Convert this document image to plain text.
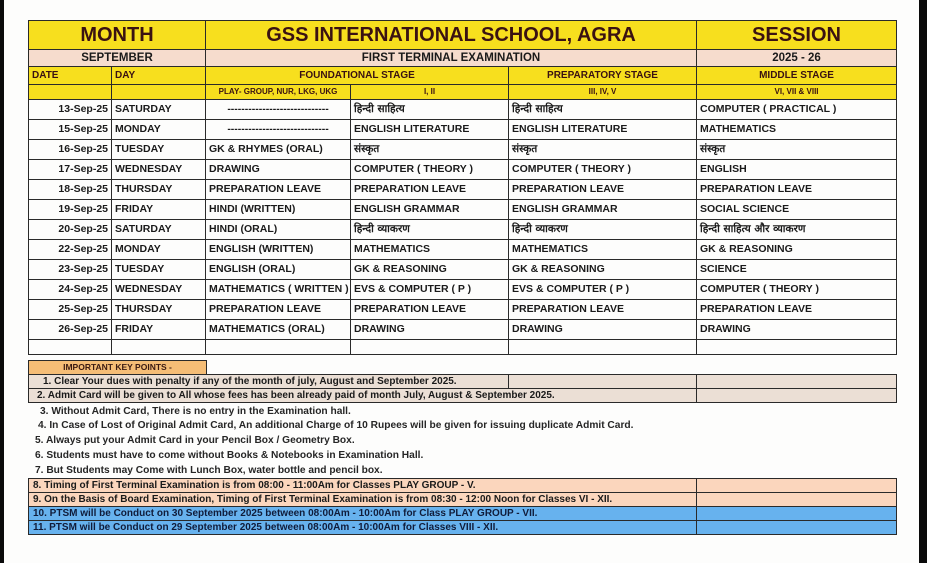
MONTH		GSS INTERNATIONAL SCHOOL, AGRA			SESSION
SEPTEMBER		FIRST TERMINAL EXAMINATION			2025 - 26
DATE	DAY	FOUNDATIONAL STAGE		PREPARATORY STAGE	MIDDLE STAGE
		PLAY- GROUP, NUR, LKG, UKG	I, II	III, IV, V	VI, VII & VIII
13-Sep-25	SATURDAY	-----------------------------	हिन्दी साहित्य	हिन्दी साहित्य	COMPUTER ( PRACTICAL )
15-Sep-25	MONDAY	-----------------------------	ENGLISH LITERATURE	ENGLISH LITERATURE	MATHEMATICS
16-Sep-25	TUESDAY	GK & RHYMES (ORAL)	संस्कृत	संस्कृत	संस्कृत
17-Sep-25	WEDNESDAY	DRAWING	COMPUTER ( THEORY )	COMPUTER ( THEORY )	ENGLISH
18-Sep-25	THURSDAY	PREPARATION LEAVE	PREPARATION LEAVE	PREPARATION LEAVE	PREPARATION LEAVE
19-Sep-25	FRIDAY	HINDI (WRITTEN)	ENGLISH GRAMMAR	ENGLISH GRAMMAR	SOCIAL SCIENCE
20-Sep-25	SATURDAY	HINDI (ORAL)	हिन्दी व्याकरण	हिन्दी व्याकरण	हिन्दी साहित्य और व्याकरण
22-Sep-25	MONDAY	ENGLISH (WRITTEN)	MATHEMATICS	MATHEMATICS	GK & REASONING
23-Sep-25	TUESDAY	ENGLISH (ORAL)	GK & REASONING	GK & REASONING	SCIENCE
24-Sep-25	WEDNESDAY	MATHEMATICS ( WRITTEN )	EVS & COMPUTER ( P )	EVS & COMPUTER ( P )	COMPUTER ( THEORY )
25-Sep-25	THURSDAY	PREPARATION LEAVE	PREPARATION LEAVE	PREPARATION LEAVE	PREPARATION LEAVE
26-Sep-25	FRIDAY	MATHEMATICS (ORAL)	DRAWING	DRAWING	DRAWING

IMPORTANT KEY POINTS -
1. Clear Your dues with penalty if any of the month of july, August and September 2025.		
2. Admit Card will be given to All whose fees has been already paid of month July, August & September 2025.		
3. Without Admit Card, There is no entry in the Examination hall.
4. In Case of Lost of Original Admit Card, An additional Charge of 10 Rupees will be given for issuing duplicate Admit Card.
5. Always put your Admit Card in your Pencil Box / Geometry Box.
6. Students must have to come without Books & Notebooks in Examination Hall.
7. But Students may Come with Lunch Box, water bottle and pencil box.
8. Timing of First Terminal Examination is from 08:00 - 11:00Am for Classes PLAY GROUP - V.	
9. On the Basis of Board Examination, Timing of First Terminal Examination is from 08:30 - 12:00 Noon for Classes VI - XII.	
10. PTSM will be Conduct on 30 September 2025 between 08:00Am - 10:00Am for Class PLAY GROUP - VII.	
11. PTSM will be Conduct on 29 September 2025 between 08:00Am - 10:00Am for Classes VIII - XII.	
